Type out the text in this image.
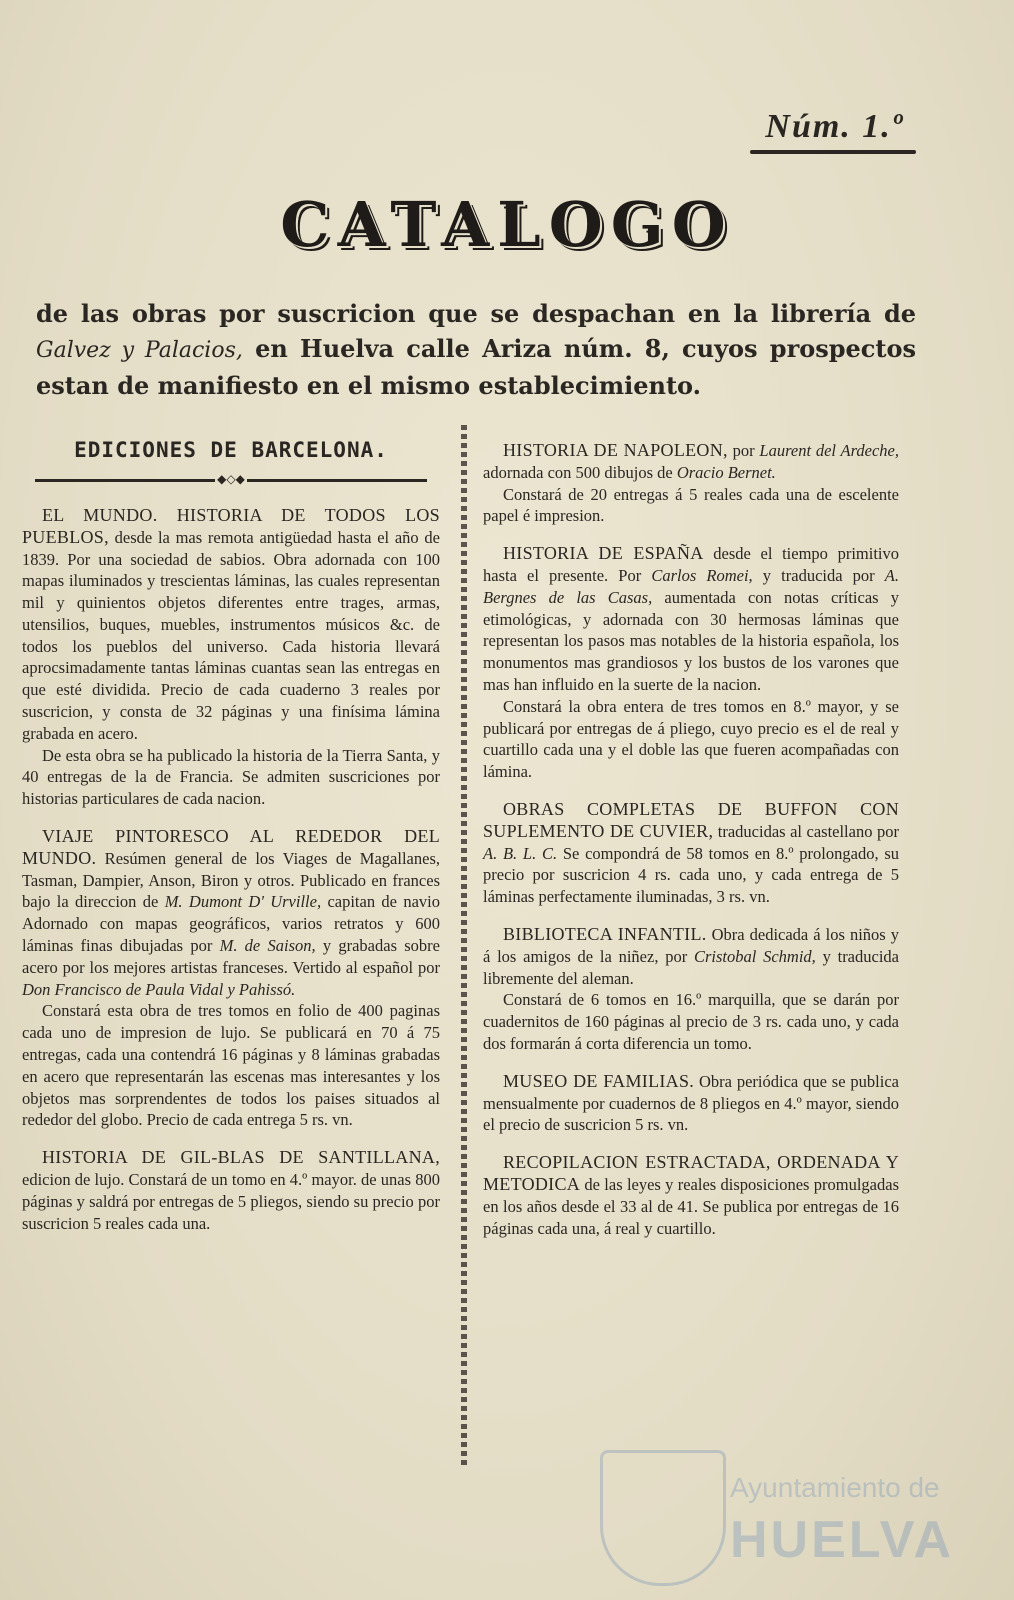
Núm. 1.º
CATALOGO
de las obras por suscricion que se despachan en la librería de Galvez y Palacios, en Huelva calle Ariza núm. 8, cuyos prospectos estan de manifiesto en el mismo establecimiento.
EDICIONES DE BARCELONA.
◆◇◆

EL MUNDO. HISTORIA DE TODOS LOS PUEBLOS, desde la mas remota antigüedad hasta el año de 1839. Por una sociedad de sabios. Obra adornada con 100 mapas iluminados y trescientas láminas, las cuales representan mil y quinientos objetos diferentes entre trages, armas, utensilios, buques, muebles, instrumentos músicos &c. de todos los pueblos del universo. Cada historia llevará aprocsimadamente tantas láminas cuantas sean las entregas en que esté dividida. Precio de cada cuaderno 3 reales por suscricion, y consta de 32 páginas y una finísima lámina grabada en acero.

De esta obra se ha publicado la historia de la Tierra Santa, y 40 entregas de la de Francia. Se admiten suscriciones por historias particulares de cada nacion.

VIAJE PINTORESCO AL REDEDOR DEL MUNDO. Resúmen general de los Viages de Magallanes, Tasman, Dampier, Anson, Biron y otros. Publicado en frances bajo la direccion de M. Dumont D' Urville, capitan de navio Adornado con mapas geográficos, varios retratos y 600 láminas finas dibujadas por M. de Saison, y grabadas sobre acero por los mejores artistas franceses. Vertido al español por Don Francisco de Paula Vidal y Pahissó.

Constará esta obra de tres tomos en folio de 400 paginas cada uno de impresion de lujo. Se publicará en 70 á 75 entregas, cada una contendrá 16 páginas y 8 láminas grabadas en acero que representarán las escenas mas interesantes y los objetos mas sorprendentes de todos los paises situados al rededor del globo. Precio de cada entrega 5 rs. vn.

HISTORIA DE GIL-BLAS DE SANTILLANA, edicion de lujo. Constará de un tomo en 4.º mayor. de unas 800 páginas y saldrá por entregas de 5 pliegos, siendo su precio por suscricion 5 reales cada una.

HISTORIA DE NAPOLEON, por Laurent del Ardeche, adornada con 500 dibujos de Oracio Bernet.

Constará de 20 entregas á 5 reales cada una de escelente papel é impresion.

HISTORIA DE ESPAÑA desde el tiempo primitivo hasta el presente. Por Carlos Romei, y traducida por A. Bergnes de las Casas, aumentada con notas críticas y etimológicas, y adornada con 30 hermosas láminas que representan los pasos mas notables de la historia española, los monumentos mas grandiosos y los bustos de los varones que mas han influido en la suerte de la nacion.

Constará la obra entera de tres tomos en 8.º mayor, y se publicará por entregas de á pliego, cuyo precio es el de real y cuartillo cada una y el doble las que fueren acompañadas con lámina.

OBRAS COMPLETAS DE BUFFON CON SUPLEMENTO DE CUVIER, traducidas al castellano por A. B. L. C. Se compondrá de 58 tomos en 8.º prolongado, su precio por suscricion 4 rs. cada uno, y cada entrega de 5 láminas perfectamente iluminadas, 3 rs. vn.

BIBLIOTECA INFANTIL. Obra dedicada á los niños y á los amigos de la niñez, por Cristobal Schmid, y traducida libremente del aleman.

Constará de 6 tomos en 16.º marquilla, que se darán por cuadernitos de 160 páginas al precio de 3 rs. cada uno, y cada dos formarán á corta diferencia un tomo.

MUSEO DE FAMILIAS. Obra periódica que se publica mensualmente por cuadernos de 8 pliegos en 4.º mayor, siendo el precio de suscricion 5 rs. vn.

RECOPILACION ESTRACTADA, ORDENADA Y METODICA de las leyes y reales disposiciones promulgadas en los años desde el 33 al de 41. Se publica por entregas de 16 páginas cada una, á real y cuartillo.

Ayuntamiento de
HUELVA
